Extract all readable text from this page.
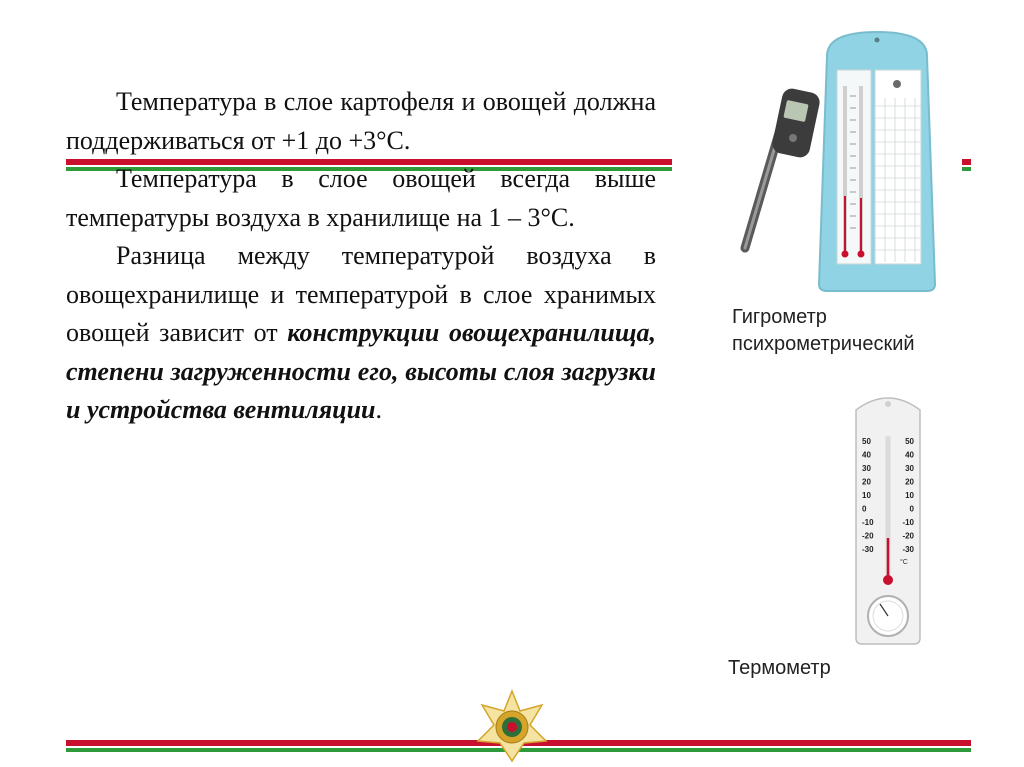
Температура в слое картофеля и овощей должна поддерживаться от +1 до +3°С.

Температура в слое овощей всегда выше температуры воздуха в хранилище на 1 – 3°С.

Разница между температурой воздуха в овощехранилище и температурой в слое хранимых овощей зависит от конструкции овощехранилища, степени загруженности его, высоты слоя загрузки и устройства вентиляции.

Гигрометр
психрометрический
50
40
30
20
10
0
-10
-20
-30
50
40
30
20
10
0
-10
-20
-30
°C
Термометр
